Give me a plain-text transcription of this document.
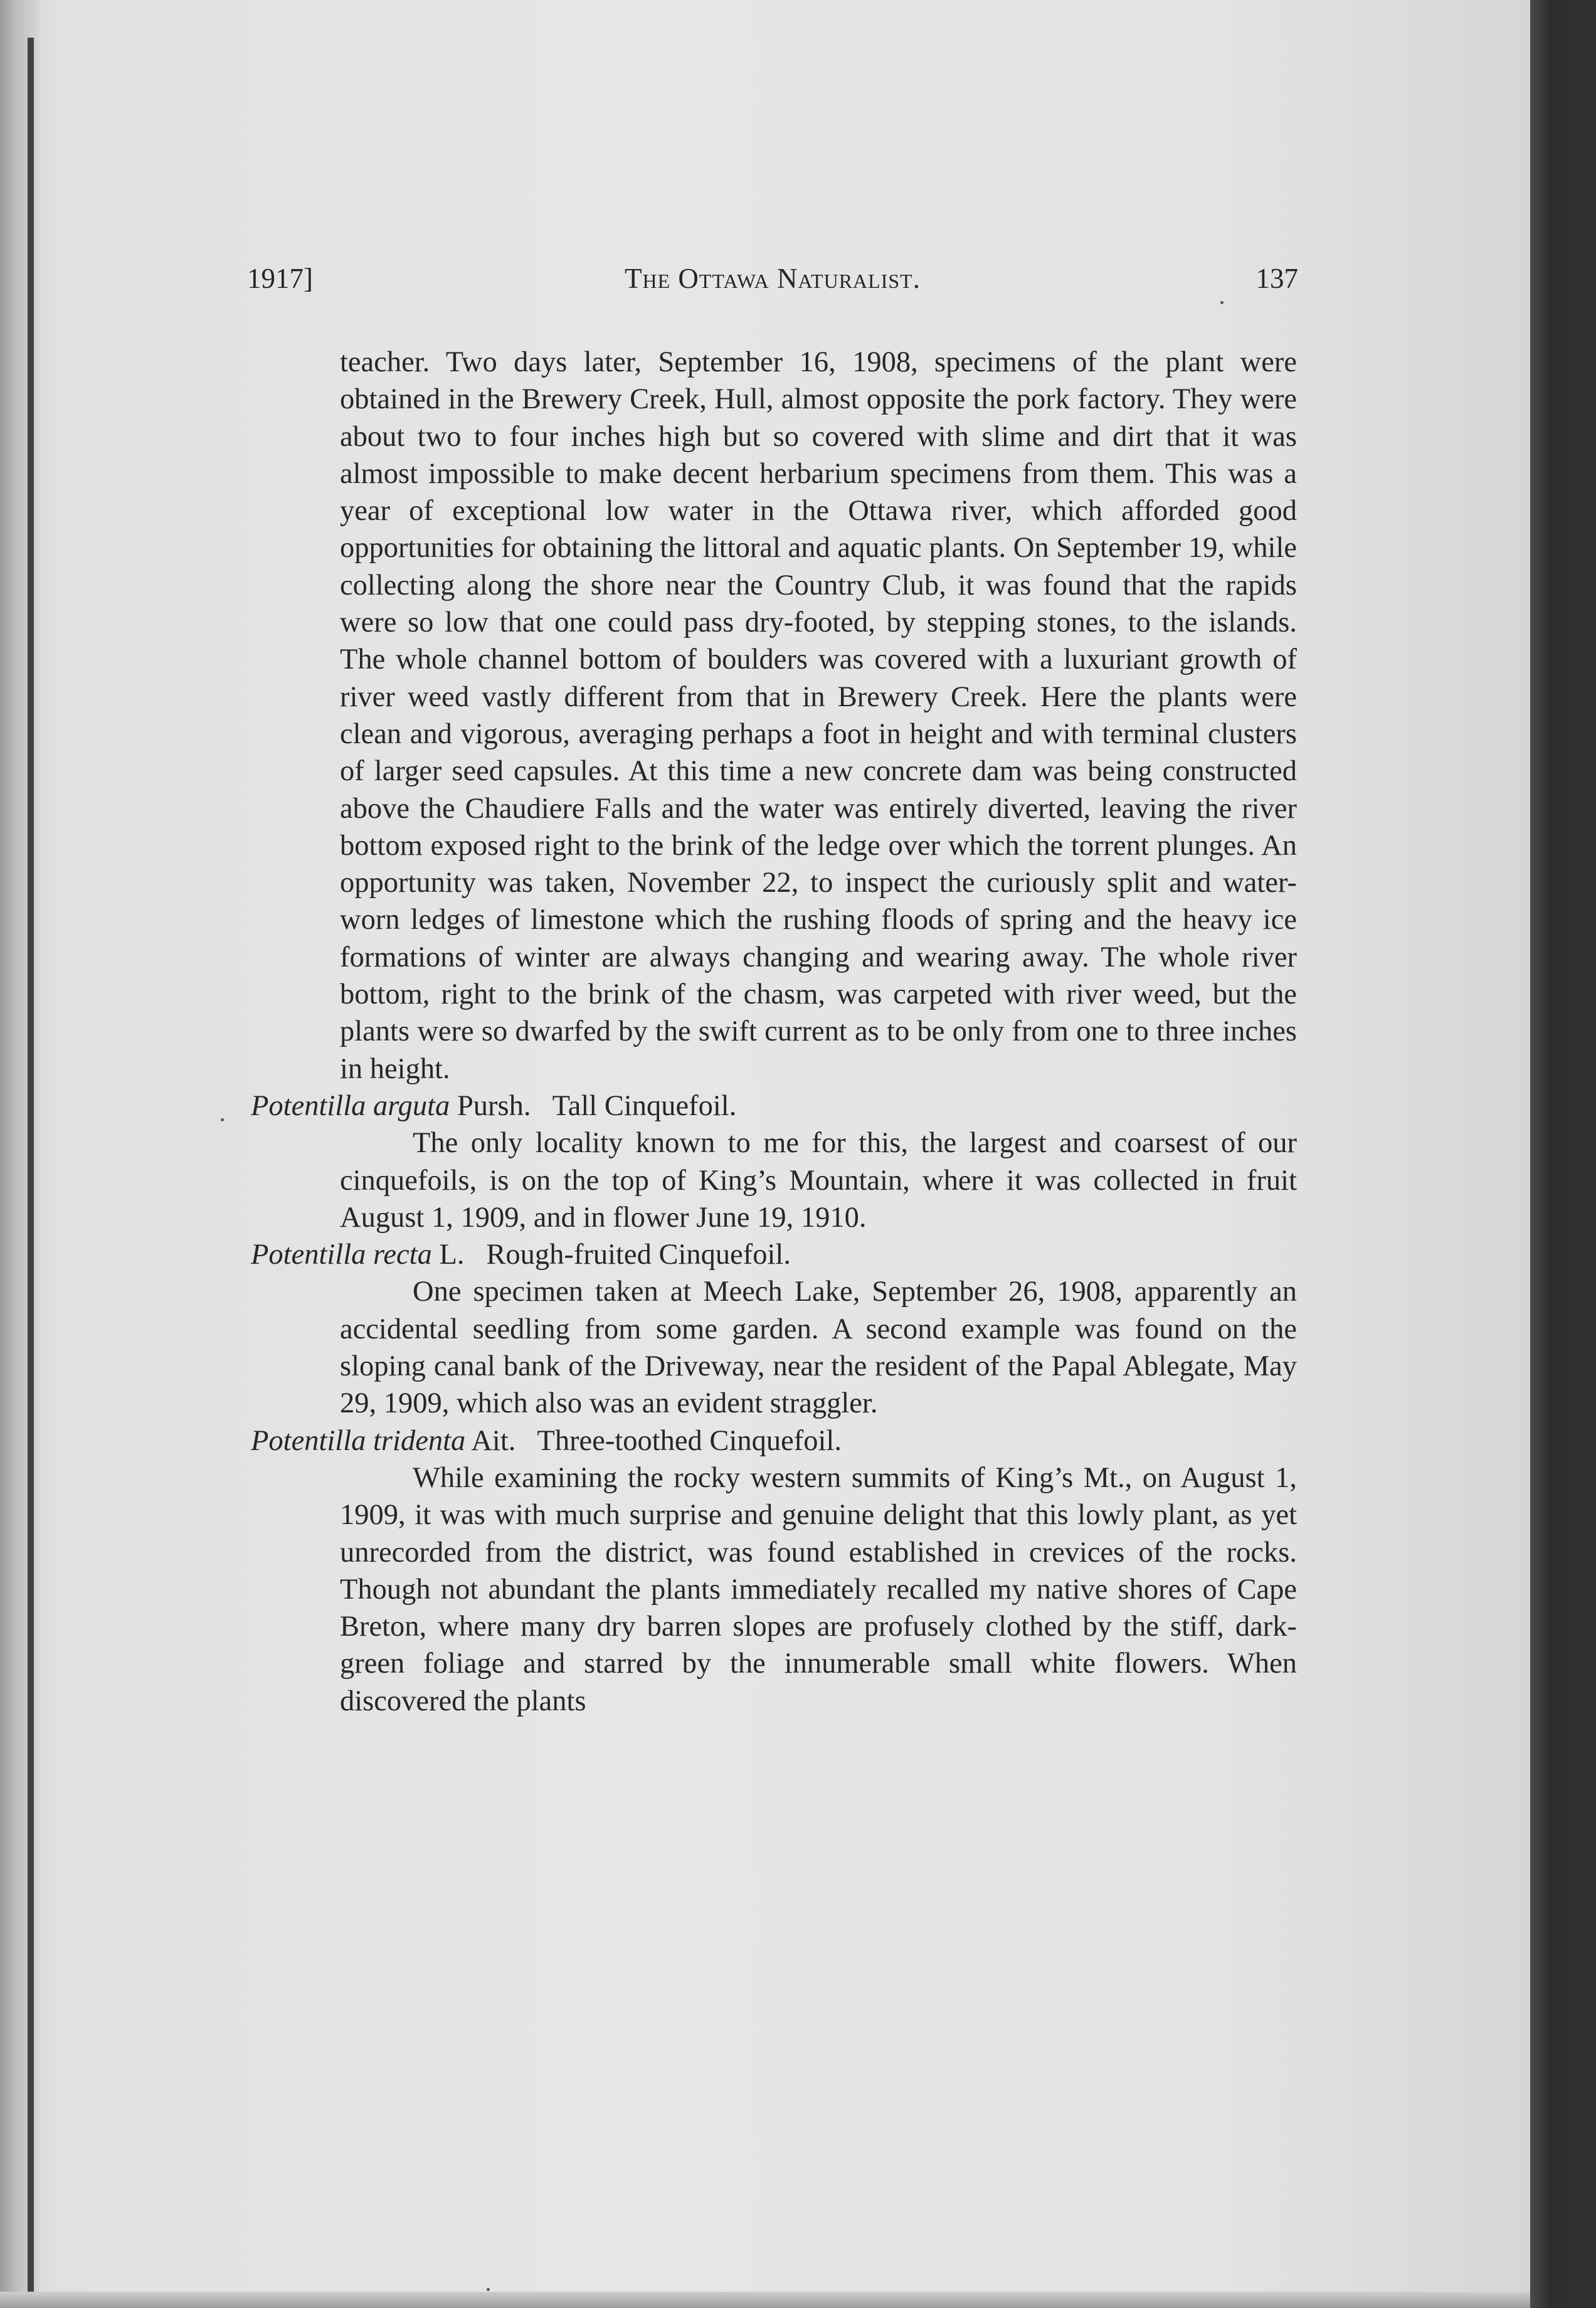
1917]	The Ottawa Naturalist.	137

teacher. Two days later, September 16, 1908, specimens of the plant were obtained in the Brewery Creek, Hull, almost opposite the pork factory. They were about two to four inches high but so covered with slime and dirt that it was almost impossible to make decent herbarium specimens from them. This was a year of exceptional low water in the Ottawa river, which afforded good opportunities for obtaining the littoral and aquatic plants. On September 19, while collecting along the shore near the Country Club, it was found that the rapids were so low that one could pass dry-footed, by stepping stones, to the islands. The whole channel bottom of boulders was covered with a luxuriant growth of river weed vastly different from that in Brewery Creek. Here the plants were clean and vigorous, averaging perhaps a foot in height and with terminal clusters of larger seed capsules. At this time a new concrete dam was being constructed above the Chaudiere Falls and the water was entirely diverted, leaving the river bottom exposed right to the brink of the ledge over which the torrent plunges. An opportunity was taken, November 22, to inspect the curiously split and water-worn ledges of limestone which the rushing floods of spring and the heavy ice formations of winter are always changing and wearing away. The whole river bottom, right to the brink of the chasm, was carpeted with river weed, but the plants were so dwarfed by the swift current as to be only from one to three inches in height.

Potentilla arguta Pursh. Tall Cinquefoil.

The only locality known to me for this, the largest and coarsest of our cinquefoils, is on the top of King’s Mountain, where it was collected in fruit August 1, 1909, and in flower June 19, 1910.

Potentilla recta L. Rough-fruited Cinquefoil.

One specimen taken at Meech Lake, September 26, 1908, apparently an accidental seedling from some garden. A second example was found on the sloping canal bank of the Driveway, near the resident of the Papal Ablegate, May 29, 1909, which also was an evident straggler.

Potentilla tridenta Ait. Three-toothed Cinquefoil.

While examining the rocky western summits of King’s Mt., on August 1, 1909, it was with much surprise and genuine delight that this lowly plant, as yet unrecorded from the district, was found established in crevices of the rocks. Though not abundant the plants immediately recalled my native shores of Cape Breton, where many dry barren slopes are profusely clothed by the stiff, dark-green foliage and starred by the innumerable small white flowers. When discovered the plants
